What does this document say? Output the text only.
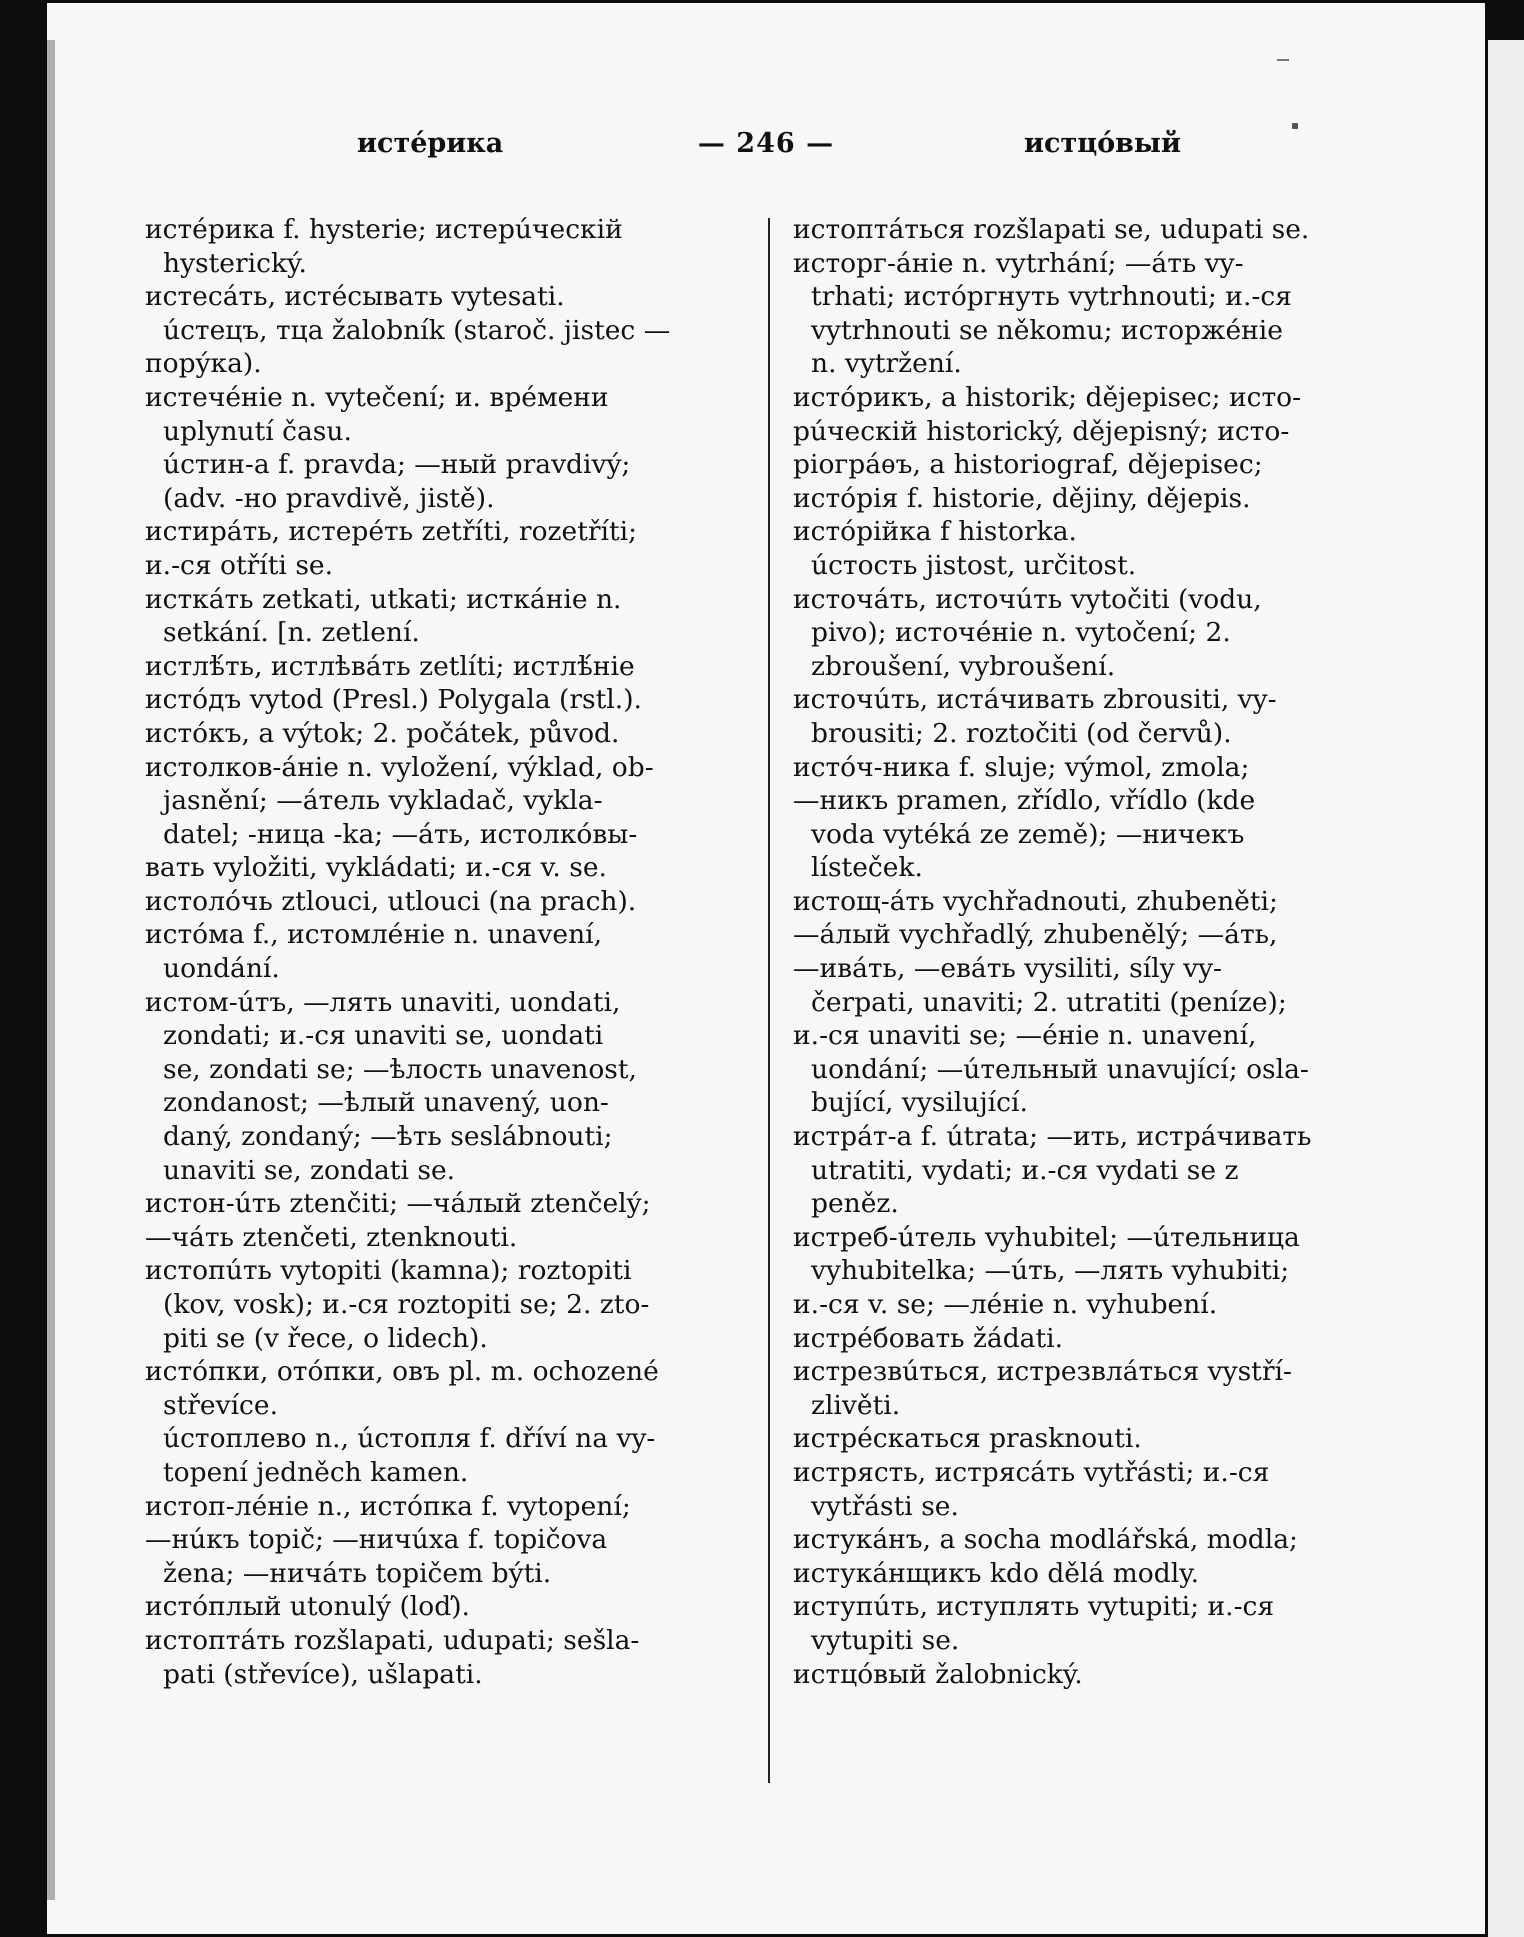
истéрика	— 246 —	истцóвый
истéрика f. hysterie; истерúческiй
hysterický.
истесáть, истéсывать vytesati.
úстецъ, тца žalobník (staroč. jistec —
порýка).
истечéнiе n. vytečení; и. врéмени
uplynutí času.
úстин-а f. pravda; —ный pravdivý;
(adv. -но pravdivě, jistě).
истирáть, истерéть zetříti, rozetříti;
и.-ся otříti se.
исткáть zetkati, utkati; исткáнiе n.
setkání. [n. zetlení.
истлѣ́ть, истлѣвáть zetlíti; истлѣ́нiе
истóдъ vytod (Presl.) Polygala (rstl.).
истóкъ, a výtok; 2. počátek, původ.
истолков-áнiе n. vyložení, výklad, ob-
jasnění; —áтель vykladač, vykla-
datel; -ница -ka; —áть, истолкóвы-
вать vyložiti, vykládati; и.-ся v. se.
истолóчь ztlouci, utlouci (na prach).
истóма f., истомлéнiе n. unavení,
uondání.
истом-úтъ, —лять unaviti, uondati,
zondati; и.-ся unaviti se, uondati
se, zondati se; —ѣлость unavenost,
zondanost; —ѣлый unavený, uon-
daný, zondaný; —ѣть seslábnouti;
unaviti se, zondati se.
истон-úть ztenčiti; —чáлый ztenčelý;
—чáть ztenčeti, ztenknouti.
истопúть vytopiti (kamna); roztopiti
(kov, vosk); и.-ся roztopiti se; 2. zto-
piti se (v řece, o lidech).
истóпки, отóпки, овъ pl. m. ochozené
střevíce.
úстоплево n., úстопля f. dříví na vy-
topení jedněch kamen.
истоп-лéнiе n., истóпка f. vytopení;
—нúкъ topič; —ничúха f. topičova
žena; —ничáть topičem býti.
истóплый utonulý (loď).
истоптáть rozšlapati, udupati; sešla-
pati (střevíce), ušlapati.
истоптáться rozšlapati se, udupati se.
исторг-áнiе n. vytrhání; —áть vy-
trhati; истóргнуть vytrhnouti; и.-ся
vytrhnouti se někomu; исторжéнiе
n. vytržení.
истóрикъ, a historik; dějepisec; исто-
рúческiй historický, dějepisný; исто-
рiогрáѳъ, a historiograf, dějepisec;
истóрiя f. historie, dějiny, dějepis.
истóрiйка f historka.
úстость jistost, určitost.
источáть, источúть vytočiti (vodu,
pivo); источéнiе n. vytočení; 2.
zbroušení, vybroušení.
источúть, истáчивать zbrousiti, vy-
brousiti; 2. roztočiti (od červů).
истóч-ника f. sluje; výmol, zmola;
—никъ pramen, zřídlo, vřídlo (kde
voda vytéká ze země); —ничекъ
lísteček.
истощ-áть vychřadnouti, zhubeněti;
—áлый vychřadlý, zhubenělý; —áть,
—ивáть, —евáть vysiliti, síly vy-
čerpati, unaviti; 2. utratiti (peníze);
и.-ся unaviti se; —éнiе n. unavení,
uondání; —úтельный unavující; osla-
bující, vysilující.
истрáт-а f. útrata; —ить, истрáчивать
utratiti, vydati; и.-ся vydati se z
peněz.
истреб-úтель vyhubitel; —úтельница
vyhubitelka; —úть, —лять vyhubiti;
и.-ся v. se; —лéнiе n. vyhubení.
истрéбовать žádati.
истрезвúться, истрезвлáться vystří-
zlivěti.
истрéскаться prasknouti.
истрясть, истрясáть vytřásti; и.-ся
vytřásti se.
истукáнъ, a socha modlářská, modla;
истукáнщикъ kdo dělá modly.
иступúть, иступлять vytupiti; и.-ся
vytupiti se.
истцóвый žalobnický.
